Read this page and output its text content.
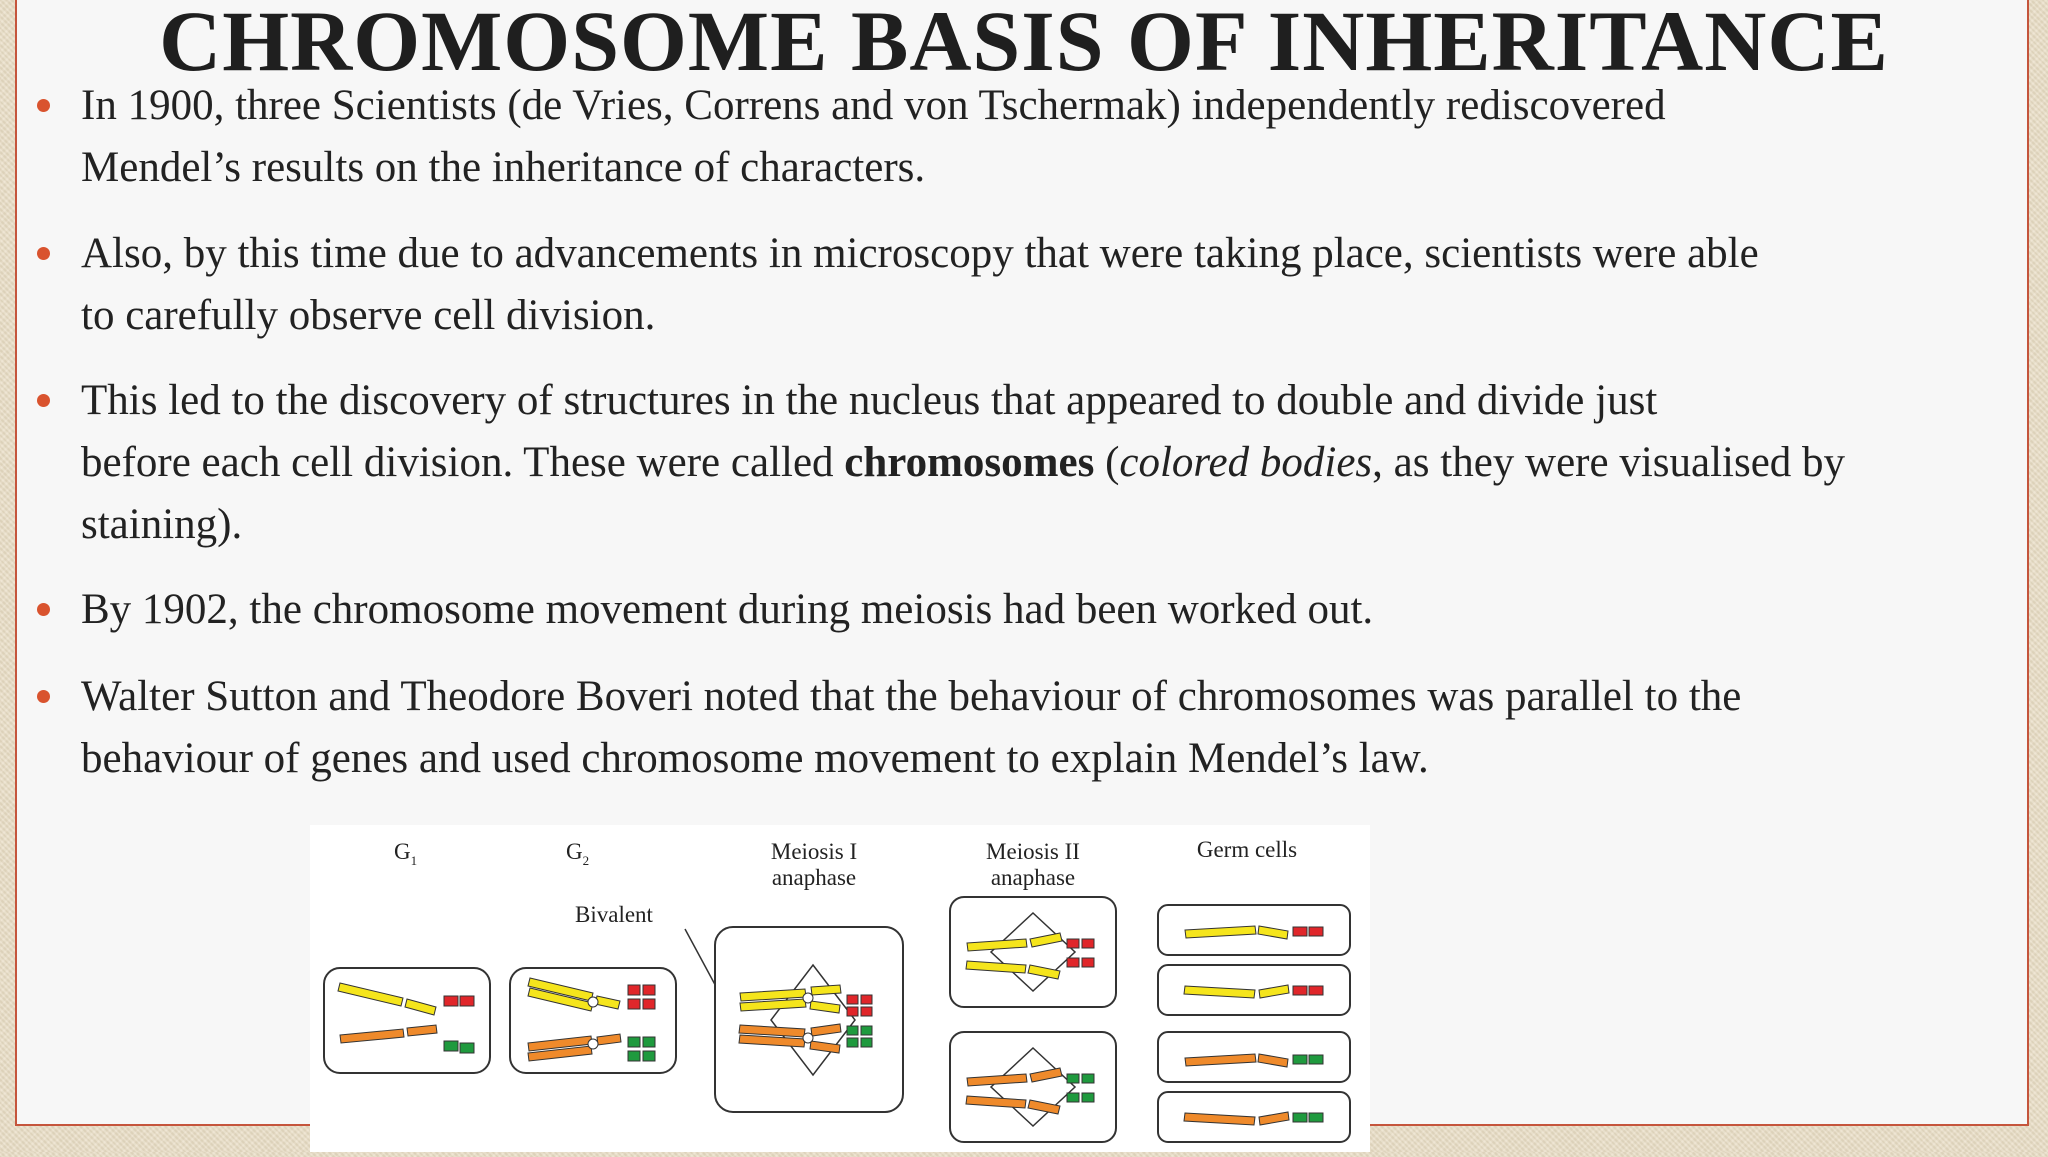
CHROMOSOME BASIS OF INHERITANCE
In 1900, three Scientists (de Vries, Correns and von Tschermak) independently rediscovered
Mendel’s results on the inheritance of characters.
Also, by this time due to advancements in microscopy that were taking place, scientists were able
to carefully observe cell division.
This led to the discovery of structures in the nucleus that appeared to double and divide just
before each cell division. These were called chromosomes (colored bodies, as they were visualised by
staining).
By 1902, the chromosome movement during meiosis had been worked out.
Walter Sutton and Theodore Boveri noted that the behaviour of chromosomes was parallel to the
behaviour of genes and used chromosome movement to explain Mendel’s law.
$G_1$	$G_2$	Meiosis I
anaphase
Meiosis II
anaphase
Germ cells
Bivalent
